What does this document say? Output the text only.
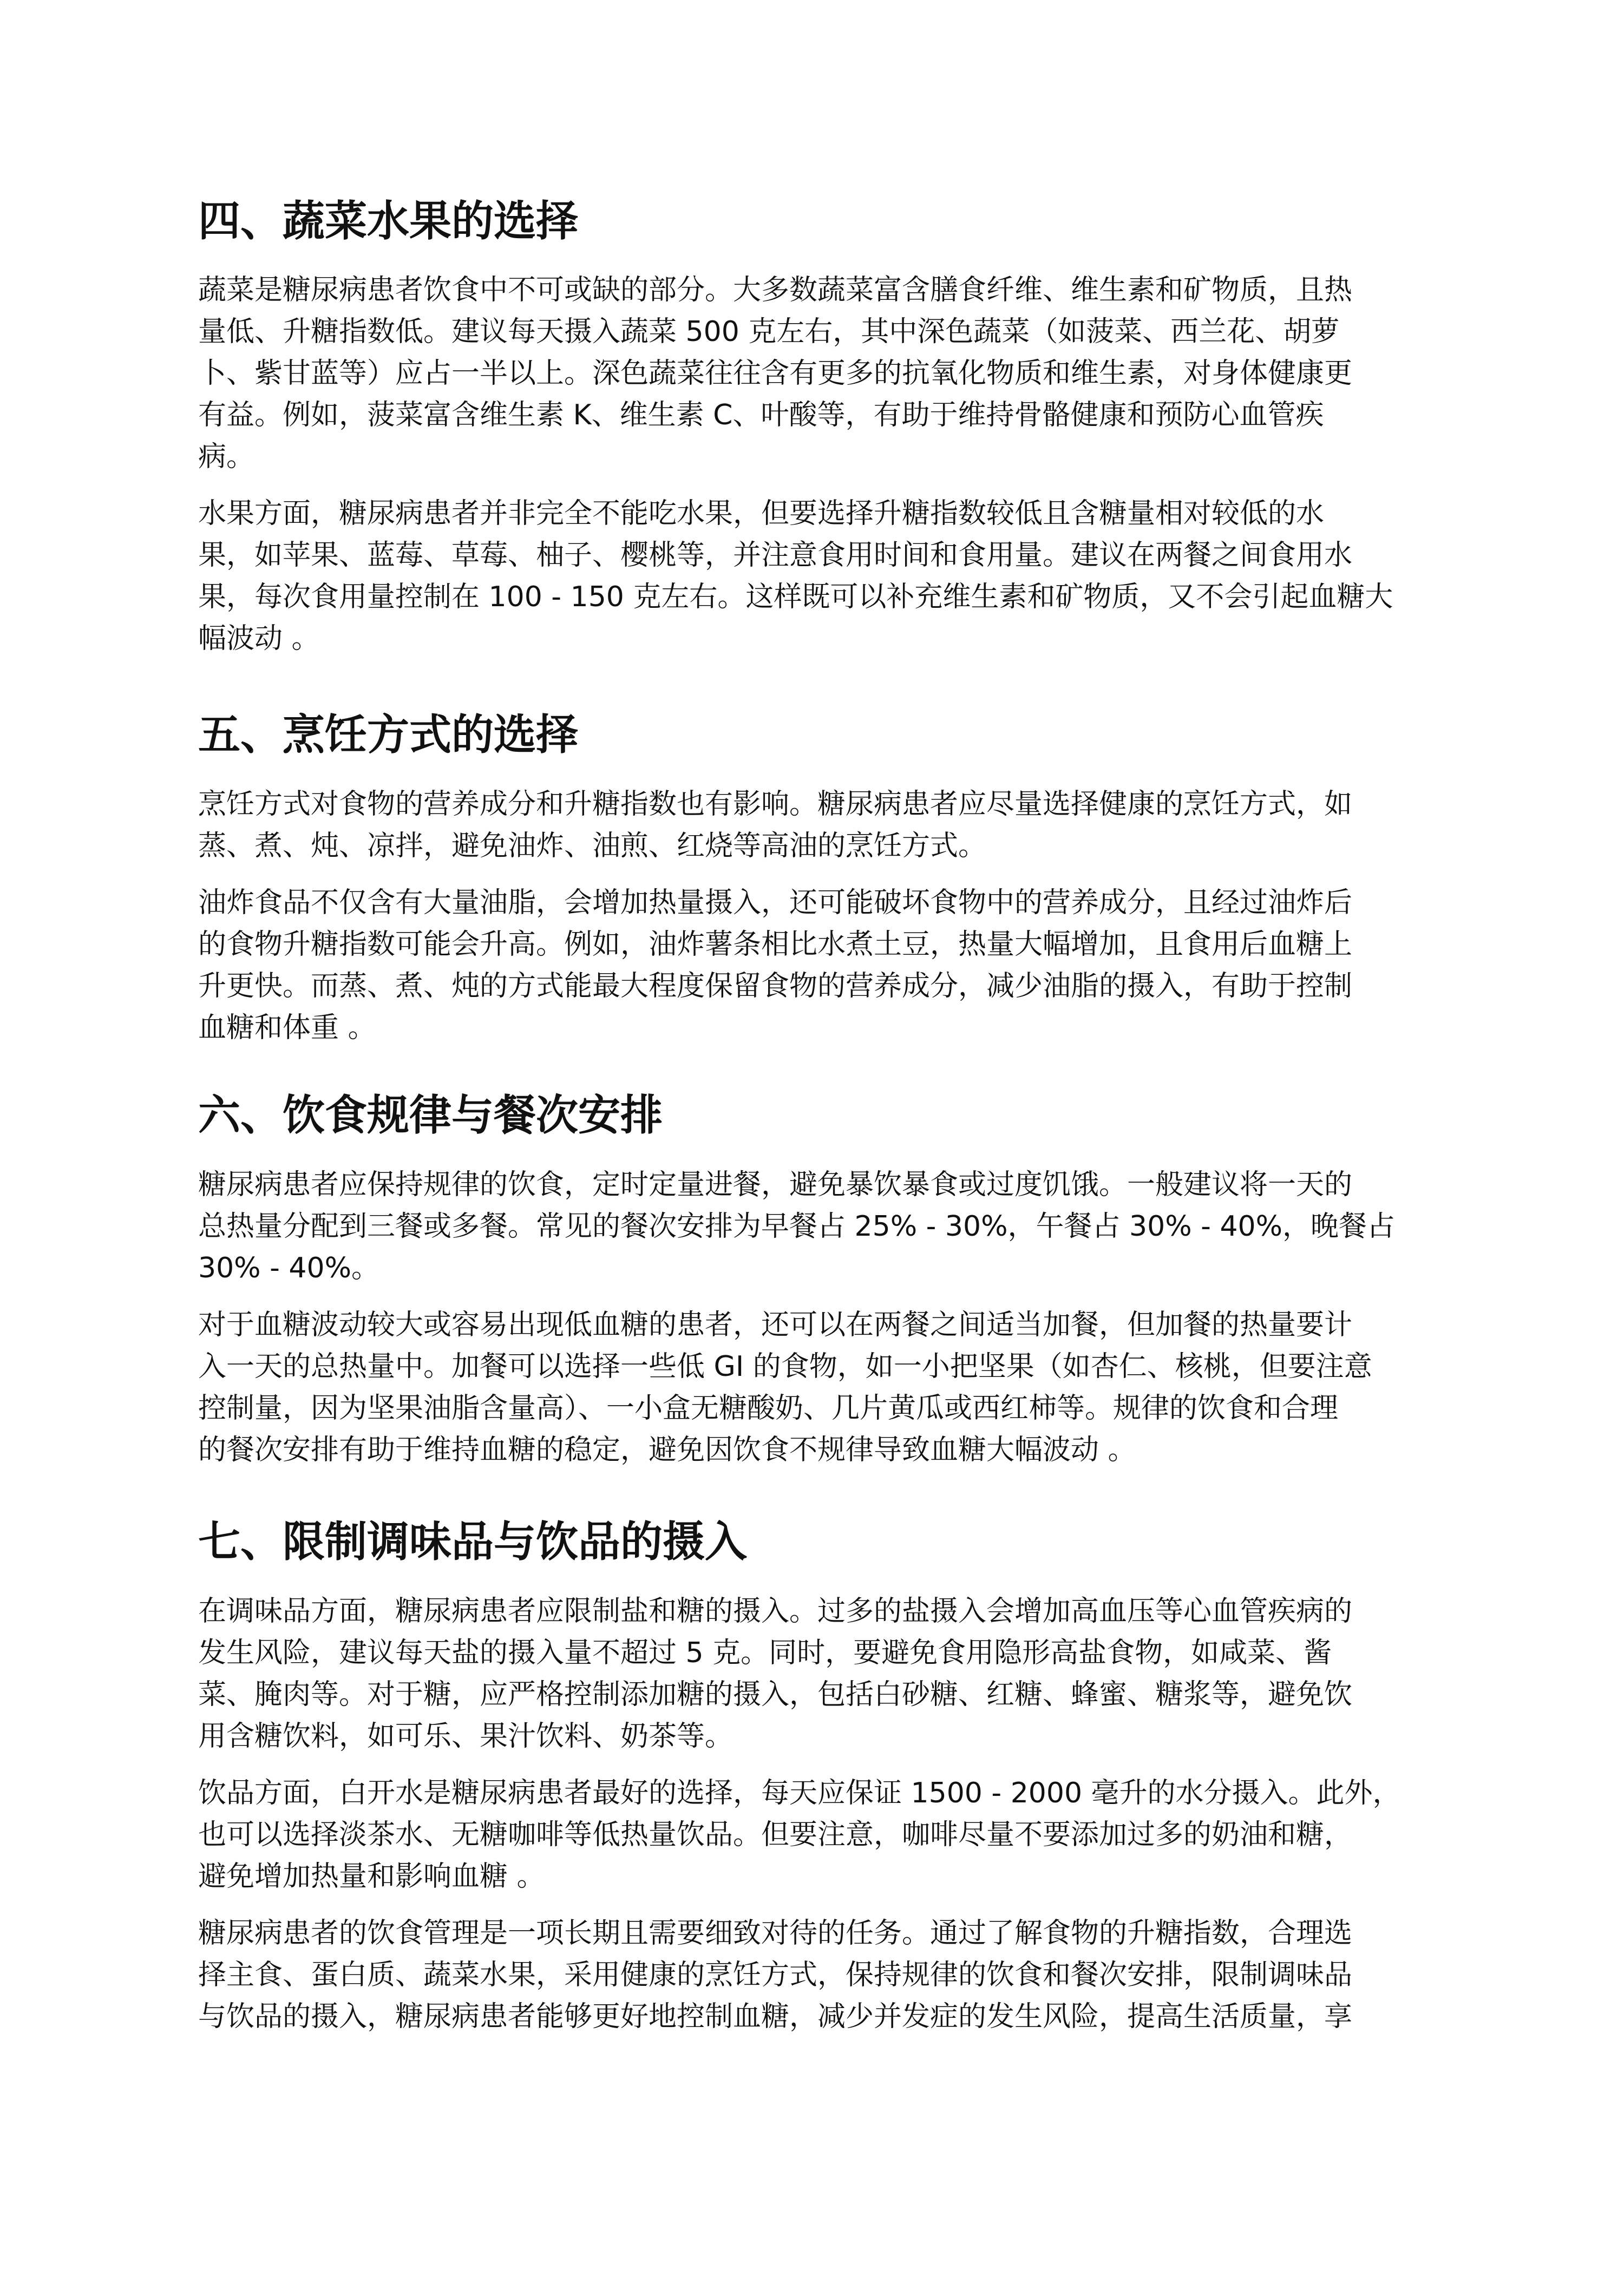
四、蔬菜水果的选择
蔬菜是糖尿病患者饮食中不可或缺的部分。大多数蔬菜富含膳食纤维、维生素和矿物质，且热
量低、升糖指数低。建议每天摄入蔬菜 500 克左右，其中深色蔬菜（如菠菜、西兰花、胡萝
卜、紫甘蓝等）应占一半以上。深色蔬菜往往含有更多的抗氧化物质和维生素，对身体健康更
有益。例如，菠菜富含维生素 K、维生素 C、叶酸等，有助于维持骨骼健康和预防心血管疾
病。
水果方面，糖尿病患者并非完全不能吃水果，但要选择升糖指数较低且含糖量相对较低的水
果，如苹果、蓝莓、草莓、柚子、樱桃等，并注意食用时间和食用量。建议在两餐之间食用水
果，每次食用量控制在 100 - 150 克左右。这样既可以补充维生素和矿物质，又不会引起血糖大
幅波动 。
五、烹饪方式的选择
烹饪方式对食物的营养成分和升糖指数也有影响。糖尿病患者应尽量选择健康的烹饪方式，如
蒸、煮、炖、凉拌，避免油炸、油煎、红烧等高油的烹饪方式。
油炸食品不仅含有大量油脂，会增加热量摄入，还可能破坏食物中的营养成分，且经过油炸后
的食物升糖指数可能会升高。例如，油炸薯条相比水煮土豆，热量大幅增加，且食用后血糖上
升更快。而蒸、煮、炖的方式能最大程度保留食物的营养成分，减少油脂的摄入，有助于控制
血糖和体重 。
六、饮食规律与餐次安排
糖尿病患者应保持规律的饮食，定时定量进餐，避免暴饮暴食或过度饥饿。一般建议将一天的
总热量分配到三餐或多餐。常见的餐次安排为早餐占 25% - 30%，午餐占 30% - 40%，晚餐占
30% - 40%。
对于血糖波动较大或容易出现低血糖的患者，还可以在两餐之间适当加餐，但加餐的热量要计
入一天的总热量中。加餐可以选择一些低 GI 的食物，如一小把坚果（如杏仁、核桃，但要注意
控制量，因为坚果油脂含量高）、一小盒无糖酸奶、几片黄瓜或西红柿等。规律的饮食和合理
的餐次安排有助于维持血糖的稳定，避免因饮食不规律导致血糖大幅波动 。
七、限制调味品与饮品的摄入
在调味品方面，糖尿病患者应限制盐和糖的摄入。过多的盐摄入会增加高血压等心血管疾病的
发生风险，建议每天盐的摄入量不超过 5 克。同时，要避免食用隐形高盐食物，如咸菜、酱
菜、腌肉等。对于糖，应严格控制添加糖的摄入，包括白砂糖、红糖、蜂蜜、糖浆等，避免饮
用含糖饮料，如可乐、果汁饮料、奶茶等。
饮品方面，白开水是糖尿病患者最好的选择，每天应保证 1500 - 2000 毫升的水分摄入。此外，
也可以选择淡茶水、无糖咖啡等低热量饮品。但要注意，咖啡尽量不要添加过多的奶油和糖，
避免增加热量和影响血糖 。
糖尿病患者的饮食管理是一项长期且需要细致对待的任务。通过了解食物的升糖指数，合理选
择主食、蛋白质、蔬菜水果，采用健康的烹饪方式，保持规律的饮食和餐次安排，限制调味品
与饮品的摄入，糖尿病患者能够更好地控制血糖，减少并发症的发生风险，提高生活质量，享
